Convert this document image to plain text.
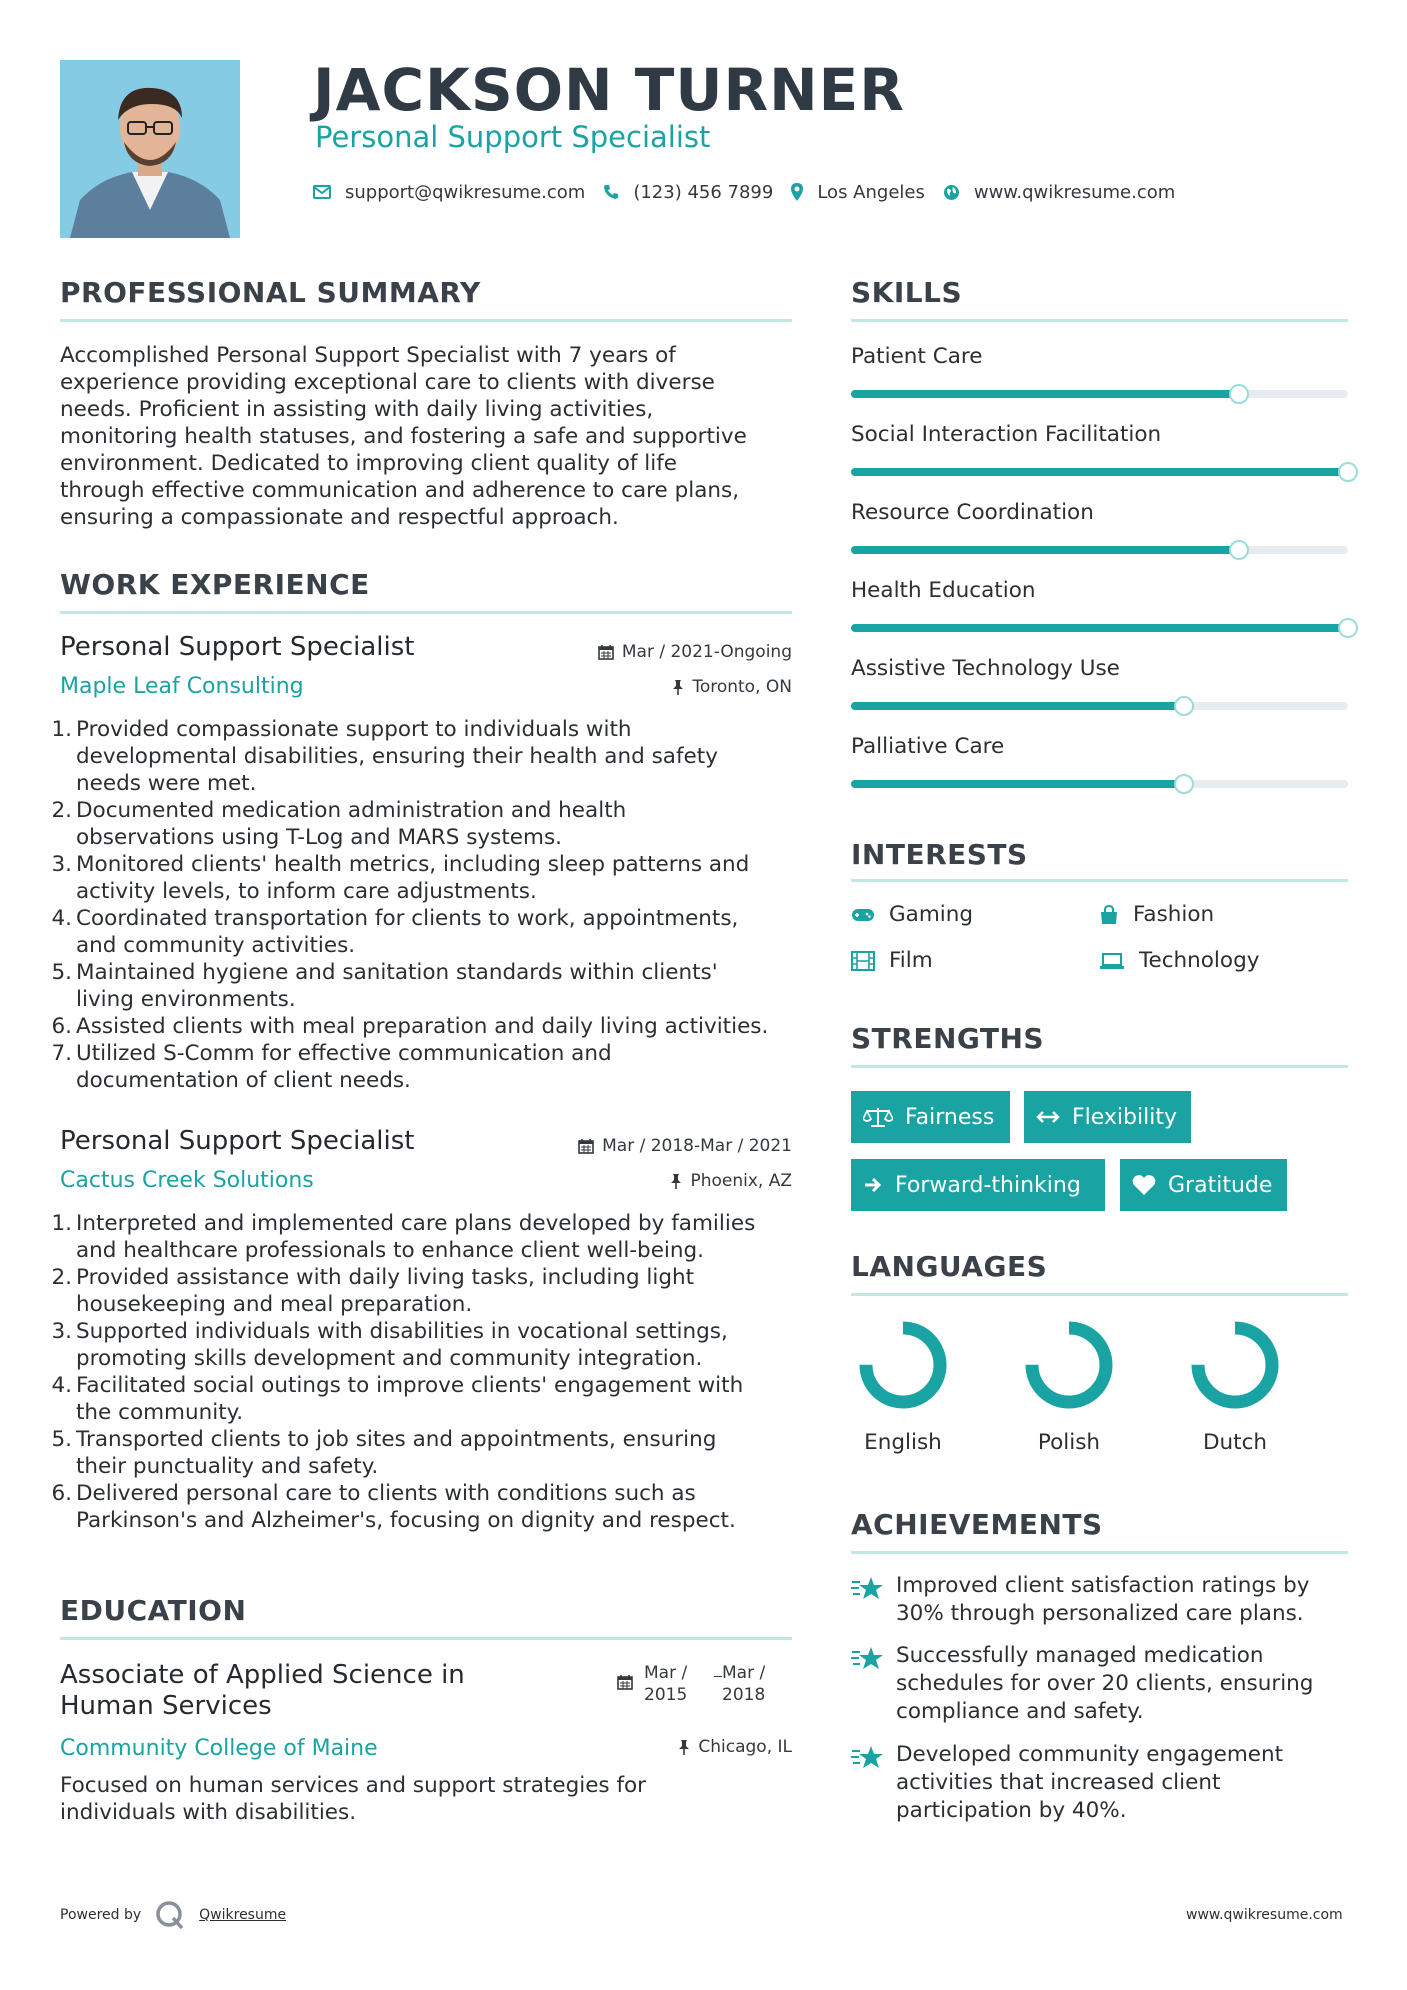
JACKSON TURNER
Personal Support Specialist
support@qwikresume.com	(123) 456 7899 Los Angeles	www.qwikresume.com
PROFESSIONAL SUMMARY
Accomplished Personal Support Specialist with 7 years of
experience providing exceptional care to clients with diverse
needs. Proficient in assisting with daily living activities,
monitoring health statuses, and fostering a safe and supportive
environment. Dedicated to improving client quality of life
through effective communication and adherence to care plans,
ensuring a compassionate and respectful approach.
WORK EXPERIENCE
Personal Support Specialist	Mar / 2021-Ongoing
Maple Leaf Consulting	Toronto, ON
1. Provided compassionate support to individuals with
developmental disabilities, ensuring their health and safety
needs were met.
2. Documented medication administration and health
observations using T-Log and MARS systems.
3. Monitored clients' health metrics, including sleep patterns and
activity levels, to inform care adjustments.
4. Coordinated transportation for clients to work, appointments,
and community activities.
5. Maintained hygiene and sanitation standards within clients'
living environments.
6. Assisted clients with meal preparation and daily living activities.
7. Utilized S-Comm for effective communication and
documentation of client needs.
Personal Support Specialist	Mar / 2018-Mar / 2021
Cactus Creek Solutions	Phoenix, AZ
1. Interpreted and implemented care plans developed by families
and healthcare professionals to enhance client well-being.
2. Provided assistance with daily living tasks, including light
housekeeping and meal preparation.
3. Supported individuals with disabilities in vocational settings,
promoting skills development and community integration.
4. Facilitated social outings to improve clients' engagement with
the community.
5. Transported clients to job sites and appointments, ensuring
their punctuality and safety.
6. Delivered personal care to clients with conditions such as
Parkinson's and Alzheimer's, focusing on dignity and respect.
EDUCATION
Associate of Applied Science in
Human Services
Mar /
2015
Mar /
2018
Community College of Maine	Chicago, IL
Focused on human services and support strategies for
individuals with disabilities.
SKILLS
Patient Care
Social Interaction Facilitation
Resource Coordination
Health Education
Assistive Technology Use
Palliative Care
INTERESTS
Gaming	Fashion
Film	Technology
STRENGTHS
Fairness	Flexibility
Forward-thinking	Gratitude
LANGUAGES
English	Polish	Dutch
ACHIEVEMENTS
Improved client satisfaction ratings by
30% through personalized care plans.
Successfully managed medication
schedules for over 20 clients, ensuring
compliance and safety.
Developed community engagement
activities that increased client
participation by 40%.
Powered by	Qwikresume	www.qwikresume.com
